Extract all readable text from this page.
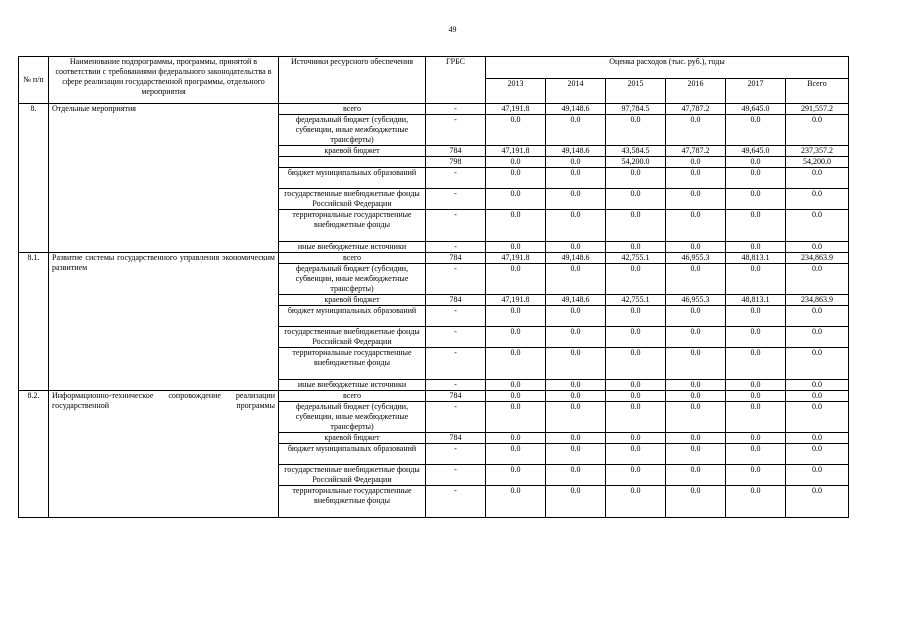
49
№ п/п	Наименование подпрограммы, программы, принятой в соответствии с требованиями федерального законодательства в сфере реализации государственной программы, отдельного мероприятия	Источники ресурсного обеспечения	ГРБС	Оценка расходов (тыс. руб.), годы					
				2013	2014	2015	2016	2017	Всего
8.	Отдельные мероприятия	всего	-	47,191.8	49,148.6	97,784.5	47,787.2	49,645.0	291,557.2
		федеральный бюджет (субсидии, субвенции, иные межбюджетные трансферты)	-	0.0	0.0	0.0	0.0	0.0	0.0
		краевой бюджет	784	47,191.8	49,148.6	43,584.5	47,787.2	49,645.0	237,357.2
			798	0.0	0.0	54,200.0	0.0	0.0	54,200.0
		бюджет муниципальных образований	-	0.0	0.0	0.0	0.0	0.0	0.0
		государственные внебюджетные фонды Российской Федерации	-	0.0	0.0	0.0	0.0	0.0	0.0
		территориальные государственные внебюджетные фонды	-	0.0	0.0	0.0	0.0	0.0	0.0
		иные внебюджетные источники	-	0.0	0.0	0.0	0.0	0.0	0.0
8.1.	Развитие системы государственного управления экономическим развитием	всего	784	47,191.8	49,148.6	42,755.1	46,955.3	48,813.1	234,863.9
		федеральный бюджет (субсидии, субвенции, иные межбюджетные трансферты)	-	0.0	0.0	0.0	0.0	0.0	0.0
		краевой бюджет	784	47,191.8	49,148.6	42,755.1	46,955.3	48,813.1	234,863.9
		бюджет муниципальных образований	-	0.0	0.0	0.0	0.0	0.0	0.0
		государственные внебюджетные фонды Российской Федерации	-	0.0	0.0	0.0	0.0	0.0	0.0
		территориальные государственные внебюджетные фонды	-	0.0	0.0	0.0	0.0	0.0	0.0
		иные внебюджетные источники	-	0.0	0.0	0.0	0.0	0.0	0.0
8.2.	Информационно-техническое сопровождение реализации государственной программы	всего	784	0.0	0.0	0.0	0.0	0.0	0.0
		федеральный бюджет (субсидии, субвенции, иные межбюджетные трансферты)	-	0.0	0.0	0.0	0.0	0.0	0.0
		краевой бюджет	784	0.0	0.0	0.0	0.0	0.0	0.0
		бюджет муниципальных образований	-	0.0	0.0	0.0	0.0	0.0	0.0
		государственные внебюджетные фонды Российской Федерации	-	0.0	0.0	0.0	0.0	0.0	0.0
		территориальные государственные внебюджетные фонды	-	0.0	0.0	0.0	0.0	0.0	0.0
